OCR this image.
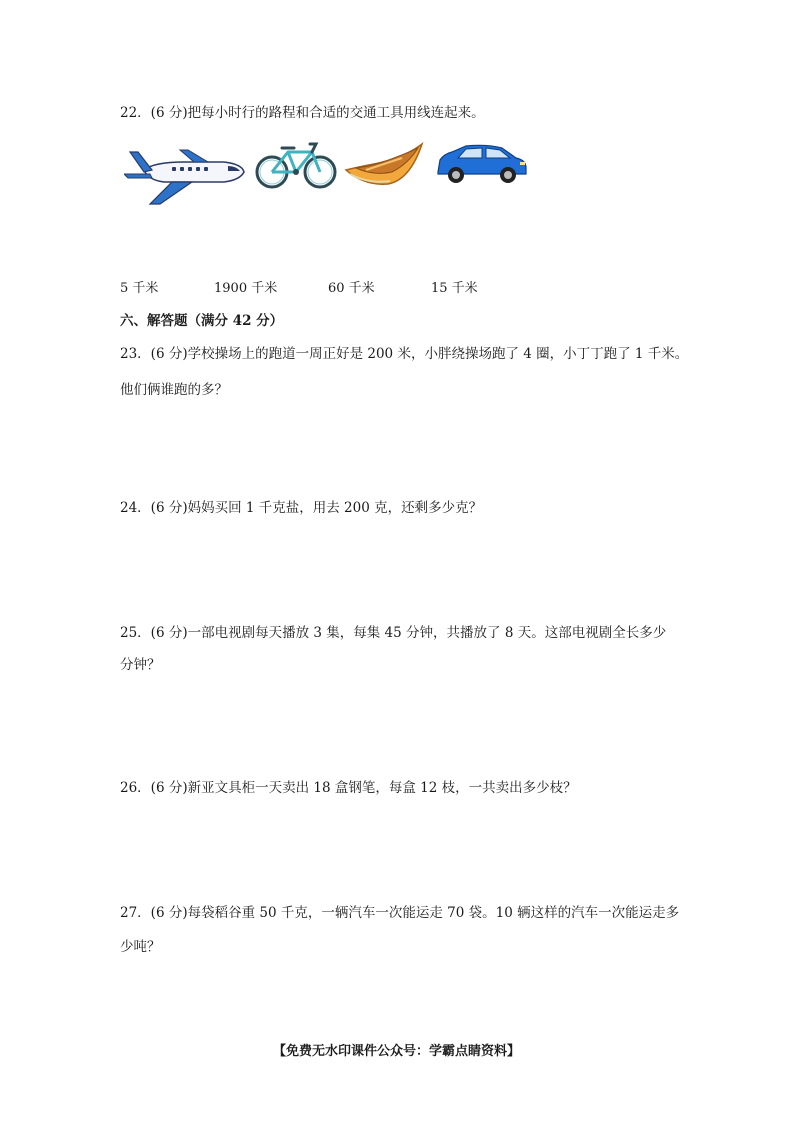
22．(6 分)把每小时行的路程和合适的交通工具用线连起来。
5 千米	1900 千米	60 千米	15 千米
六、解答题（满分 42 分）
23．(6 分)学校操场上的跑道一周正好是 200 米，小胖绕操场跑了 4 圈，小丁丁跑了 1 千米。
他们俩谁跑的多？
24．(6 分)妈妈买回 1 千克盐，用去 200 克，还剩多少克？
25．(6 分)一部电视剧每天播放 3 集，每集 45 分钟，共播放了 8 天。这部电视剧全长多少
分钟？
26．(6 分)新亚文具柜一天卖出 18 盒钢笔，每盒 12 枝，一共卖出多少枝？
27．(6 分)每袋稻谷重 50 千克，一辆汽车一次能运走 70 袋。10 辆这样的汽车一次能运走多
少吨？
【免费无水印课件公众号：学霸点睛资料】
